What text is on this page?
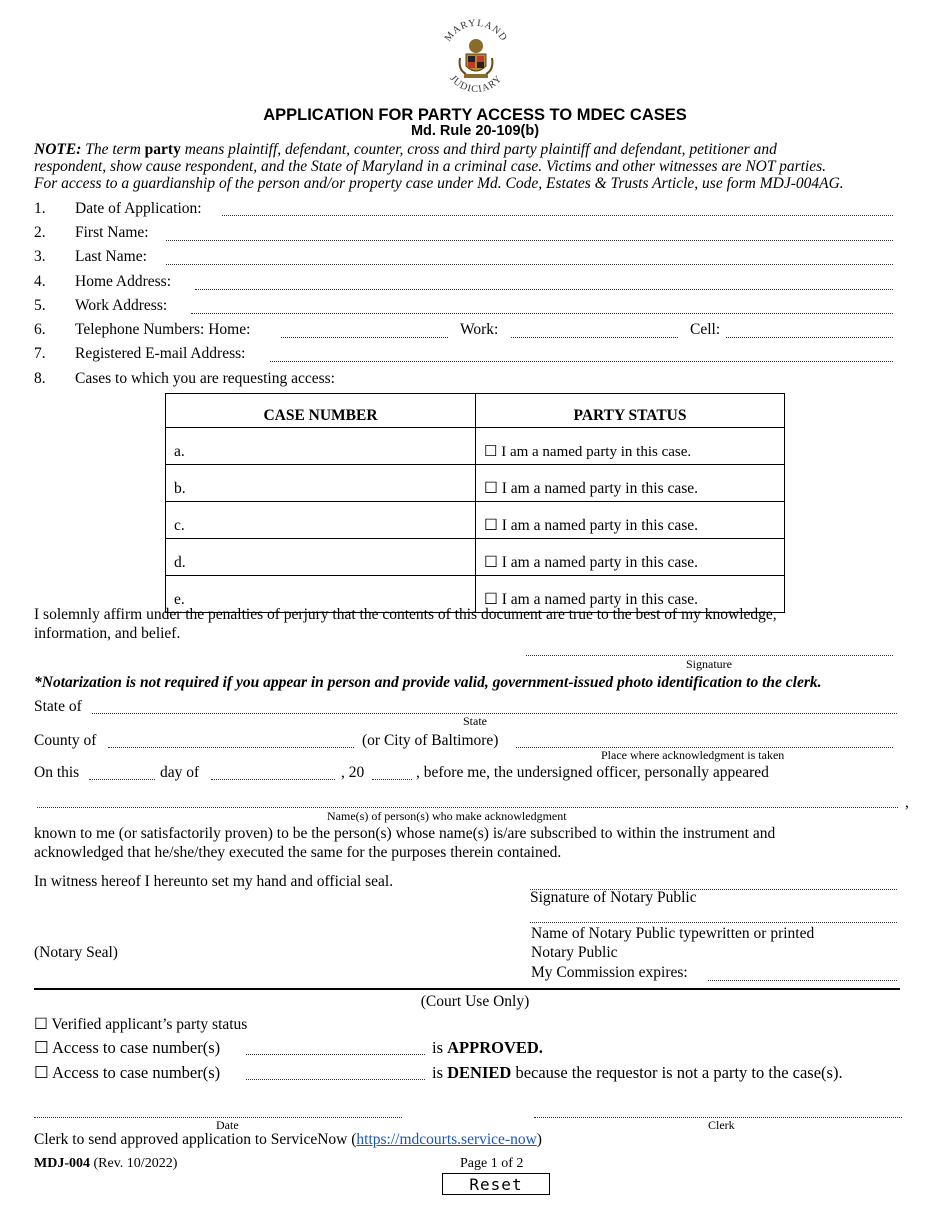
MARYLAND
JUDICIARY
APPLICATION FOR PARTY ACCESS TO MDEC CASES
Md. Rule 20-109(b)
NOTE: The term party means plaintiff, defendant, counter, cross and third party plaintiff and defendant, petitioner and
respondent, show cause respondent, and the State of Maryland in a criminal case. Victims and other witnesses are NOT parties.
For access to a guardianship of the person and/or property case under Md. Code, Estates & Trusts Article, use form MDJ-004AG.
1. Date of Application:
2. First Name:
3. Last Name:
4. Home Address:
5. Work Address:
6. Telephone Numbers: Home:	Work:	Cell:
7. Registered E-mail Address:
8. Cases to which you are requesting access:
CASE NUMBER	PARTY STATUS
a.	☐ I am a named party in this case.
b.	☐ I am a named party in this case.
c.	☐ I am a named party in this case.
d.	☐ I am a named party in this case.
e.	☐ I am a named party in this case.
I solemnly affirm under the penalties of perjury that the contents of this document are true to the best of my knowledge,
information, and belief.
Signature
*Notarization is not required if you appear in person and provide valid, government-issued photo identification to the clerk.
State of
State
County of	(or City of Baltimore)
Place where acknowledgment is taken
On this	day of	, 20	, before me, the undersigned officer, personally appeared
,
Name(s) of person(s) who make acknowledgment
known to me (or satisfactorily proven) to be the person(s) whose name(s) is/are subscribed to within the instrument and
acknowledged that he/she/they executed the same for the purposes therein contained.
In witness hereof I hereunto set my hand and official seal.
Signature of Notary Public
Name of Notary Public typewritten or printed
Notary Public
(Notary Seal)
My Commission expires:
(Court Use Only)
☐ Verified applicant’s party status
☐ Access to case number(s)	is APPROVED.
☐ Access to case number(s)	is DENIED because the requestor is not a party to the case(s).
Date	Clerk
Clerk to send approved application to ServiceNow (https://mdcourts.service-now)
MDJ-004 (Rev. 10/2022)	Page 1 of 2
Reset
